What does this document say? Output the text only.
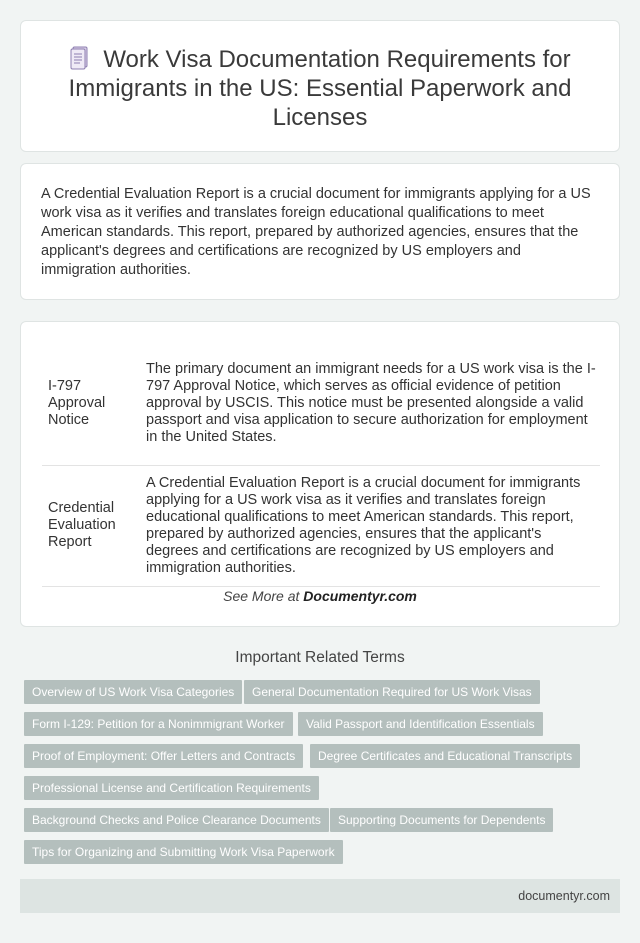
Work Visa Documentation Requirements for Immigrants in the US: Essential Paperwork and Licenses

A Credential Evaluation Report is a crucial document for immigrants applying for a US work visa as it verifies and translates foreign educational qualifications to meet American standards. This report, prepared by authorized agencies, ensures that the applicant's degrees and certifications are recognized by US employers and immigration authorities.

I-797 Approval Notice	The primary document an immigrant needs for a US work visa is the I-797 Approval Notice, which serves as official evidence of petition approval by USCIS. This notice must be presented alongside a valid passport and visa application to secure authorization for employment in the United States.
Credential Evaluation Report	A Credential Evaluation Report is a crucial document for immigrants applying for a US work visa as it verifies and translates foreign educational qualifications to meet American standards. This report, prepared by authorized agencies, ensures that the applicant's degrees and certifications are recognized by US employers and immigration authorities.
See More at Documentyr.com
Important Related Terms
Overview of US Work Visa Categories	General Documentation Required for US Work Visas
Form I-129: Petition for a Nonimmigrant Worker	Valid Passport and Identification Essentials
Proof of Employment: Offer Letters and Contracts	Degree Certificates and Educational Transcripts
Professional License and Certification Requirements
Background Checks and Police Clearance Documents	Supporting Documents for Dependents
Tips for Organizing and Submitting Work Visa Paperwork
documentyr.com
